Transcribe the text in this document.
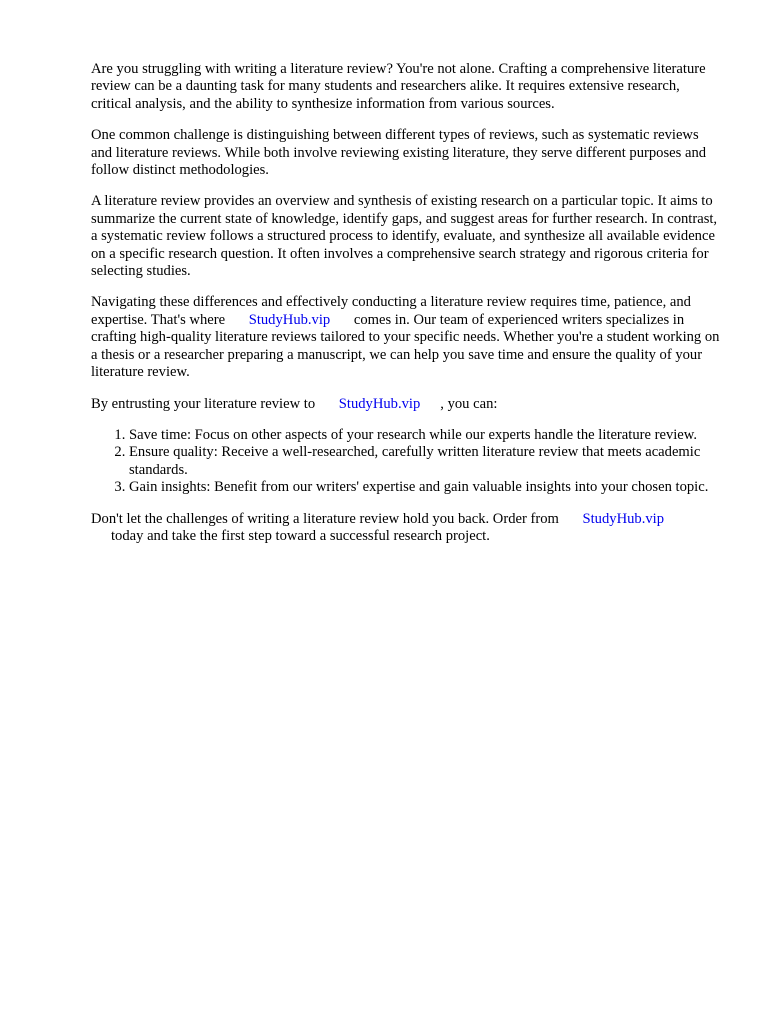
Are you struggling with writing a literature review? You're not alone. Crafting a comprehensive literature review can be a daunting task for many students and researchers alike. It requires extensive research, critical analysis, and the ability to synthesize information from various sources.

One common challenge is distinguishing between different types of reviews, such as systematic reviews and literature reviews. While both involve reviewing existing literature, they serve different purposes and follow distinct methodologies.

A literature review provides an overview and synthesis of existing research on a particular topic. It aims to summarize the current state of knowledge, identify gaps, and suggest areas for further research. In contrast, a systematic review follows a structured process to identify, evaluate, and synthesize all available evidence on a specific research question. It often involves a comprehensive search strategy and rigorous criteria for selecting studies.

Navigating these differences and effectively conducting a literature review requires time, patience, and expertise. That's where StudyHub.vip comes in. Our team of experienced writers specializes in crafting high-quality literature reviews tailored to your specific needs. Whether you're a student working on a thesis or a researcher preparing a manuscript, we can help you save time and ensure the quality of your literature review.

By entrusting your literature review to StudyHub.vip , you can:

1. Save time: Focus on other aspects of your research while our experts handle the literature review.
2. Ensure quality: Receive a well-researched, carefully written literature review that meets academic standards.
3. Gain insights: Benefit from our writers' expertise and gain valuable insights into your chosen topic.

Don't let the challenges of writing a literature review hold you back. Order from StudyHub.vip
today and take the first step toward a successful research project.
